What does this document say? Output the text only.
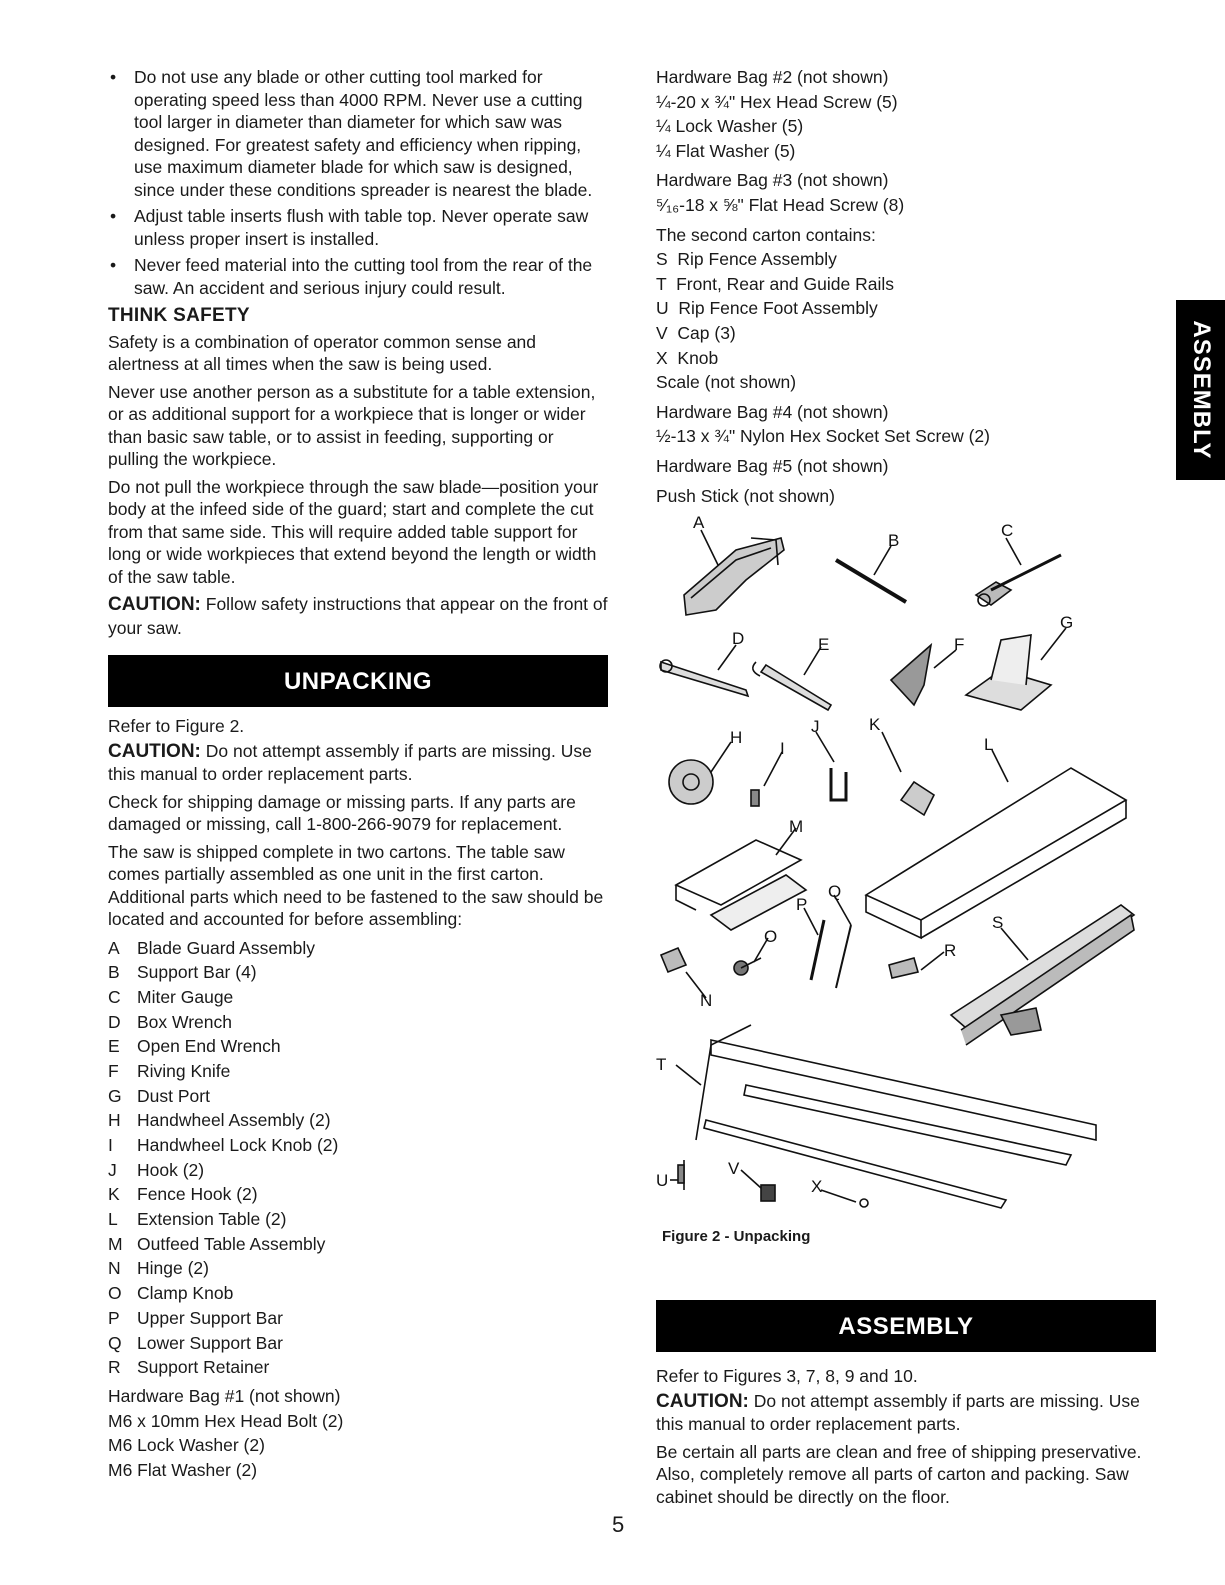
• Do not use any blade or other cutting tool marked for operating speed less than 4000 RPM. Never use a cutting tool larger in diameter than diameter for which saw was designed. For greatest safety and efficiency when ripping, use maximum diameter blade for which saw is designed, since under these conditions spreader is nearest the blade.
• Adjust table inserts flush with table top. Never operate saw unless proper insert is installed.
• Never feed material into the cutting tool from the rear of the saw. An accident and serious injury could result.
THINK SAFETY

Safety is a combination of operator common sense and alertness at all times when the saw is being used.

Never use another person as a substitute for a table extension, or as additional support for a workpiece that is longer or wider than basic saw table, or to assist in feeding, supporting or pulling the workpiece.

Do not pull the workpiece through the saw blade—position your body at the infeed side of the guard; start and complete the cut from that same side. This will require added table support for long or wide workpieces that extend beyond the length or width of the saw table.

CAUTION: Follow safety instructions that appear on the front of your saw.

UNPACKING

Refer to Figure 2.

CAUTION: Do not attempt assembly if parts are missing. Use this manual to order replacement parts.

Check for shipping damage or missing parts. If any parts are damaged or missing, call 1-800-266-9079 for replacement.

The saw is shipped complete in two cartons. The table saw comes partially assembled as one unit in the first carton. Additional parts which need to be fastened to the saw should be located and accounted for before assembling:

A Blade Guard Assembly
B Support Bar (4)
C Miter Gauge
D Box Wrench
E Open End Wrench
F	Riving Knife
G Dust Port
H Handwheel Assembly (2)
I	Handwheel Lock Knob (2)
J	Hook (2)
K Fence Hook (2)
L	Extension Table (2)
M Outfeed Table Assembly
N Hinge (2)
O Clamp Knob
P Upper Support Bar
Q Lower Support Bar
R Support Retainer
Hardware Bag #1 (not shown)
M6 x 10mm Hex Head Bolt (2)
M6 Lock Washer (2)
M6 Flat Washer (2)
Hardware Bag #2 (not shown)
¼-20 x ¾" Hex Head Screw (5)
¼ Lock Washer (5)
¼ Flat Washer (5)
Hardware Bag #3 (not shown)
⁵⁄₁₆-18 x ⅝" Flat Head Screw (8)
The second carton contains:
S  Rip Fence Assembly
T  Front, Rear and Guide Rails
U  Rip Fence Foot Assembly
V  Cap (3)
X  Knob
Scale (not shown)
Hardware Bag #4 (not shown)
½-13 x ¾" Nylon Hex Socket Set Screw (2)
Hardware Bag #5 (not shown)
Push Stick (not shown)
A
B
C
D	E	F
G
H
I
J	K
L
M
N
O
P
Q
R
S
T
U
V
X
Figure 2 - Unpacking
ASSEMBLY

Refer to Figures 3, 7, 8, 9 and 10.

CAUTION: Do not attempt assembly if parts are missing. Use this manual to order replacement parts.

Be certain all parts are clean and free of shipping preservative. Also, completely remove all parts of carton and packing. Saw cabinet should be directly on the floor.

ASSEMBLY
5
